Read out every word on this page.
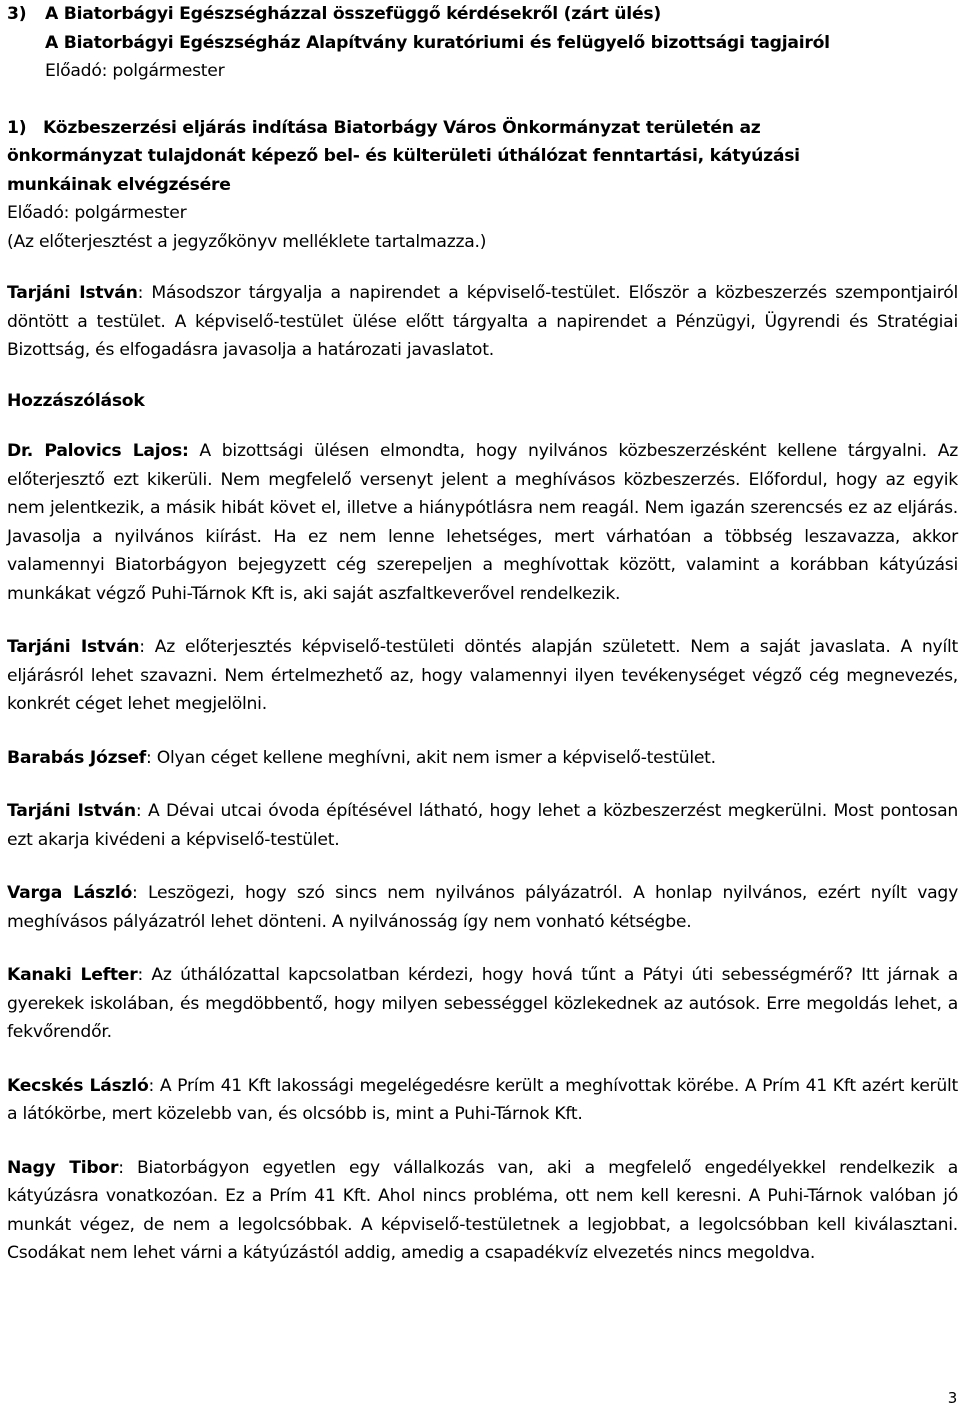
3) A Biatorbágyi Egészségházzal összefüggő kérdésekről (zárt ülés)

A Biatorbágyi Egészségház Alapítvány kuratóriumi és felügyelő bizottsági tagjairól

Előadó: polgármester

1) Közbeszerzési eljárás indítása Biatorbágy Város Önkormányzat területén az

önkormányzat tulajdonát képező bel- és külterületi úthálózat fenntartási, kátyúzási

munkáinak elvégzésére

Előadó: polgármester

(Az előterjesztést a jegyzőkönyv melléklete tartalmazza.)

Tarjáni István: Másodszor tárgyalja a napirendet a képviselő-testület. Először a közbeszerzés szempontjairól döntött a testület. A képviselő-testület ülése előtt tárgyalta a napirendet a Pénzügyi, Ügyrendi és Stratégiai Bizottság, és elfogadásra javasolja a határozati javaslatot.

Hozzászólások

Dr. Palovics Lajos: A bizottsági ülésen elmondta, hogy nyilvános közbeszerzésként kellene tárgyalni. Az előterjesztő ezt kikerüli. Nem megfelelő versenyt jelent a meghívásos közbeszerzés. Előfordul, hogy az egyik nem jelentkezik, a másik hibát követ el, illetve a hiánypótlásra nem reagál. Nem igazán szerencsés ez az eljárás. Javasolja a nyilvános kiírást. Ha ez nem lenne lehetséges, mert várhatóan a többség leszavazza, akkor valamennyi Biatorbágyon bejegyzett cég szerepeljen a meghívottak között, valamint a korábban kátyúzási munkákat végző Puhi-Tárnok Kft is, aki saját aszfaltkeverővel rendelkezik.

Tarjáni István: Az előterjesztés képviselő-testületi döntés alapján született. Nem a saját javaslata. A nyílt eljárásról lehet szavazni. Nem értelmezhető az, hogy valamennyi ilyen tevékenységet végző cég megnevezés, konkrét céget lehet megjelölni.

Barabás József: Olyan céget kellene meghívni, akit nem ismer a képviselő-testület.

Tarjáni István: A Dévai utcai óvoda építésével látható, hogy lehet a közbeszerzést megkerülni. Most pontosan ezt akarja kivédeni a képviselő-testület.

Varga László: Leszögezi, hogy szó sincs nem nyilvános pályázatról. A honlap nyilvános, ezért nyílt vagy meghívásos pályázatról lehet dönteni. A nyilvánosság így nem vonható kétségbe.

Kanaki Lefter: Az úthálózattal kapcsolatban kérdezi, hogy hová tűnt a Pátyi úti sebességmérő? Itt járnak a gyerekek iskolában, és megdöbbentő, hogy milyen sebességgel közlekednek az autósok. Erre megoldás lehet, a fekvőrendőr.

Kecskés László: A Prím 41 Kft lakossági megelégedésre került a meghívottak körébe. A Prím 41 Kft azért került a látókörbe, mert közelebb van, és olcsóbb is, mint a Puhi-Tárnok Kft.

Nagy Tibor: Biatorbágyon egyetlen egy vállalkozás van, aki a megfelelő engedélyekkel rendelkezik a kátyúzásra vonatkozóan. Ez a Prím 41 Kft. Ahol nincs probléma, ott nem kell keresni. A Puhi-Tárnok valóban jó munkát végez, de nem a legolcsóbbak. A képviselő-testületnek a legjobbat, a legolcsóbban kell kiválasztani. Csodákat nem lehet várni a kátyúzástól addig, amedig a csapadékvíz elvezetés nincs megoldva.

3
